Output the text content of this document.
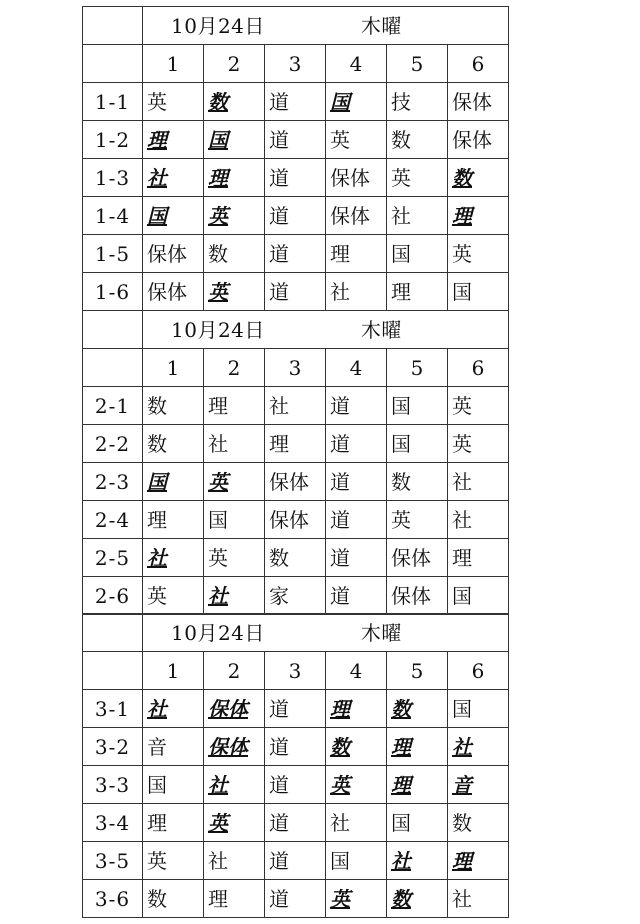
	10月24日 木曜					
	1	2	3	4	5	6
1-1	英	数	道	国	技	保体
1-2	理	国	道	英	数	保体
1-3	社	理	道	保体	英	数
1-4	国	英	道	保体	社	理
1-5	保体	数	道	理	国	英
1-6	保体	英	道	社	理	国
	10月24日 木曜					
	1	2	3	4	5	6
2-1	数	理	社	道	国	英
2-2	数	社	理	道	国	英
2-3	国	英	保体	道	数	社
2-4	理	国	保体	道	英	社
2-5	社	英	数	道	保体	理
2-6	英	社	家	道	保体	国
	10月24日 木曜					
	1	2	3	4	5	6
3-1	社	保体	道	理	数	国
3-2	音	保体	道	数	理	社
3-3	国	社	道	英	理	音
3-4	理	英	道	社	国	数
3-5	英	社	道	国	社	理
3-6	数	理	道	英	数	社
